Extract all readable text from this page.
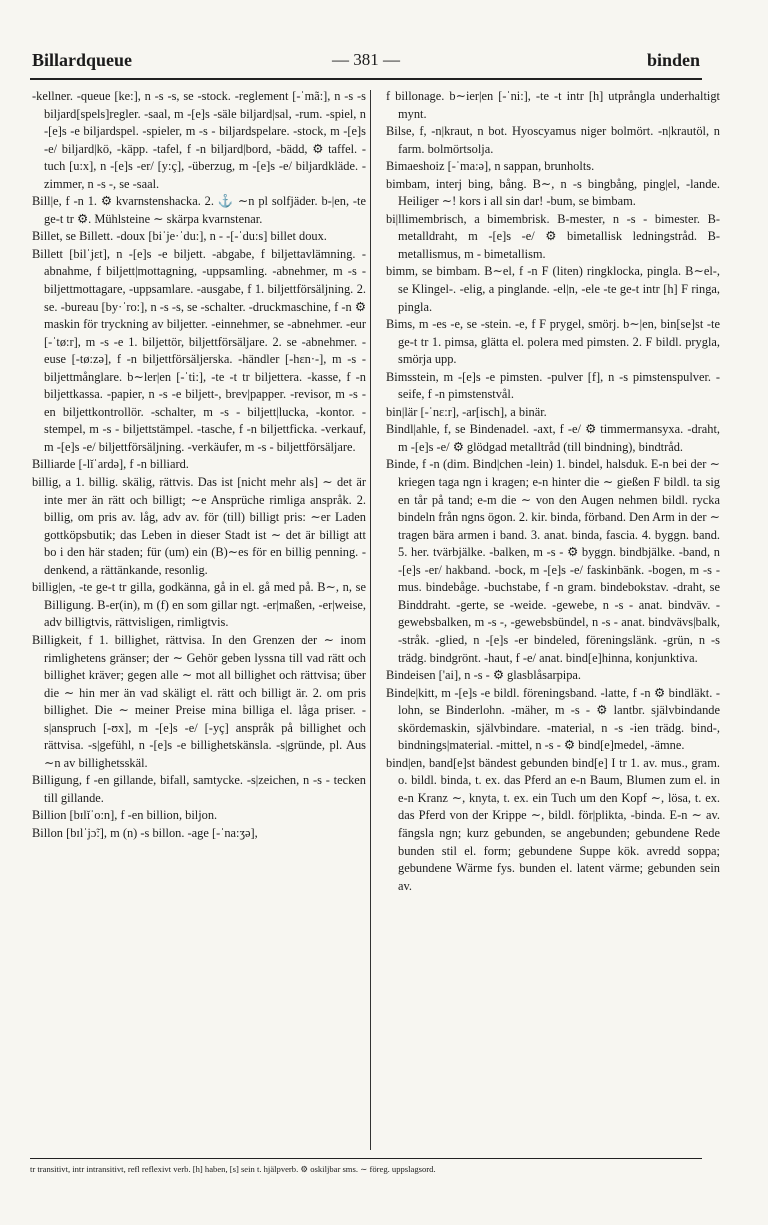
Billardqueue	— 381 —	binden

-kellner. -queue [ke:], n -s -s, se -stock. -reglement [-ˈmã:], n -s -s biljard[spels]regler. -saal, m -[e]s -säle biljard|sal, -rum. -spiel, n -[e]s -e biljardspel. -spieler, m -s - biljardspelare. -stock, m -[e]s -e/ biljard|kö, -käpp. -tafel, f -n biljard|bord, -bädd, ⚙ taffel. -tuch [u:x], n -[e]s -er/ [y:ç], -überzug, m -[e]s -e/ biljardkläde. -zimmer, n -s -, se -saal.

Bill|e, f -n 1. ⚙ kvarnstenshacka. 2. ⚓ ∼n pl solfjäder. b-|en, -te ge-t tr ⚙. Mühlsteine ∼ skärpa kvarnstenar.

Billet, se Billett. -doux [biˈje·ˈdu:], n - -[-ˈdu:s] billet doux.

Billett [bilˈjɛt], n -[e]s -e biljett. -abgabe, f biljettavlämning. -abnahme, f biljett|mottagning, -uppsamling. -abnehmer, m -s - biljettmottagare, -uppsamlare. -ausgabe, f 1. biljettförsäljning. 2. se. -bureau [by·ˈro:], n -s -s, se -schalter. -druckmaschine, f -n ⚙ maskin för tryckning av biljetter. -einnehmer, se -abnehmer. -eur [-ˈtø:r], m -s -e 1. biljettör, biljettförsäljare. 2. se -abnehmer. -euse [-tø:zə], f -n biljettförsäljerska. -händler [-hɛn·-], m -s - biljettmånglare. b∼ler|en [-ˈti:], -te -t tr biljettera. -kasse, f -n biljettkassa. -papier, n -s -e biljett-, brev|papper. -revisor, m -s -en biljettkontrollör. -schalter, m -s - biljett|lucka, -kontor. -stempel, m -s - biljettstämpel. -tasche, f -n biljettficka. -verkauf, m -[e]s -e/ biljettförsäljning. -verkäufer, m -s - biljettförsäljare.

Billiarde [-lǐˈardə], f -n billiard.

billig, a 1. billig. skälig, rättvis. Das ist [nicht mehr als] ∼ det är inte mer än rätt och billigt; ∼e Ansprüche rimliga anspråk. 2. billig, om pris av. låg, adv av. för (till) billigt pris: ∼er Laden gottköpsbutik; das Leben in dieser Stadt ist ∼ det är billigt att bo i den här staden; für (um) ein (B)∼es för en billig penning. -denkend, a rättänkande, resonlig.

billig|en, -te ge-t tr gilla, godkänna, gå in el. gå med på. B∼, n, se Billigung. B-er(in), m (f) en som gillar ngt. -er|maßen, -er|weise, adv billigtvis, rättvisligen, rimligtvis.

Billigkeit, f 1. billighet, rättvisa. In den Grenzen der ∼ inom rimlighetens gränser; der ∼ Gehör geben lyssna till vad rätt och billighet kräver; gegen alle ∼ mot all billighet och rättvisa; über die ∼ hin mer än vad skäligt el. rätt och billigt är. 2. om pris billighet. Die ∼ meiner Preise mina billiga el. låga priser. -s|anspruch [-ʊx], m -[e]s -e/ [-yç] anspråk på billighet och rättvisa. -s|gefühl, n -[e]s -e billighetskänsla. -s|gründe, pl. Aus ∼n av billighetsskäl.

Billigung, f -en gillande, bifall, samtycke. -s|zeichen, n -s - tecken till gillande.

Billion [bɪlǐˈo:n], f -en billion, biljon.

Billon [bɪlˈjɔ̃:], m (n) -s billon. -age [-ˈna:ʒə],

f billonage. b∼ier|en [-ˈni:], -te -t intr [h] utprångla underhaltigt mynt.

Bilse, f, -n|kraut, n bot. Hyoscyamus niger bolmört. -n|krautöl, n farm. bolmörtsolja.

Bimaeshoiz [-ˈma:ə], n sappan, brunholts.

bimbam, interj bing, bång. B∼, n -s bingbång, ping|el, -lande. Heiliger ∼! kors i all sin dar! -bum, se bimbam.

bi|llimembrisch, a bimembrisk. B-mester, n -s - bimester. B-metalldraht, m -[e]s -e/ ⚙ bimetallisk ledningstråd. B-metallismus, m - bimetallism.

bimm, se bimbam. B∼el, f -n F (liten) ringklocka, pingla. B∼el-, se Klingel-. -elig, a pinglande. -el|n, -ele -te ge-t intr [h] F ringa, pingla.

Bims, m -es -e, se -stein. -e, f F prygel, smörj. b∼|en, bin[se]st -te ge-t tr 1. pimsa, glätta el. polera med pimsten. 2. F bildl. prygla, smörja upp.

Bimsstein, m -[e]s -e pimsten. -pulver [f], n -s pimstenspulver. -seife, f -n pimstenstvål.

bin|lär [-ˈnɛ:r], -ar[isch], a binär.

Bindl|ahle, f, se Bindenadel. -axt, f -e/ ⚙ timmermansyxa. -draht, m -[e]s -e/ ⚙ glödgad metalltråd (till bindning), bindtråd.

Binde, f -n (dim. Bind|chen -lein) 1. bindel, halsduk. E-n bei der ∼ kriegen taga ngn i kragen; e-n hinter die ∼ gießen F bildl. ta sig en tår på tand; e-m die ∼ von den Augen nehmen bildl. rycka bindeln från ngns ögon. 2. kir. binda, förband. Den Arm in der ∼ tragen bära armen i band. 3. anat. binda, fascia. 4. byggn. band. 5. her. tvärbjälke. -balken, m -s - ⚙ byggn. bindbjälke. -band, n -[e]s -er/ hakband. -bock, m -[e]s -e/ faskinbänk. -bogen, m -s - mus. bindebåge. -buchstabe, f -n gram. bindebokstav. -draht, se Binddraht. -gerte, se -weide. -gewebe, n -s - anat. bindväv. -gewebsbalken, m -s -, -gewebsbündel, n -s - anat. bindvävs|balk, -stråk. -glied, n -[e]s -er bindeled, föreningslänk. -grün, n -s trädg. bindgrönt. -haut, f -e/ anat. bind[e]hinna, konjunktiva.

Bindeisen ['ai], n -s - ⚙ glasblåsarpipa.

Binde|kitt, m -[e]s -e bildl. föreningsband. -latte, f -n ⚙ bindläkt. -lohn, se Binderlohn. -mäher, m -s - ⚙ lantbr. självbindande skördemaskin, självbindare. -material, n -s -ien trädg. bind-, bindnings|material. -mittel, n -s - ⚙ bind[e]medel, -ämne.

bind|en, band[e]st bändest gebunden bind[e] I tr 1. av. mus., gram. o. bildl. binda, t. ex. das Pferd an e-n Baum, Blumen zum el. in e-n Kranz ∼, knyta, t. ex. ein Tuch um den Kopf ∼, lösa, t. ex. das Pferd von der Krippe ∼, bildl. för|plikta, -binda. E-n ∼ av. fängsla ngn; kurz gebunden, se angebunden; gebundene Rede bunden stil el. form; gebundene Suppe kök. avredd soppa; gebundene Wärme fys. bunden el. latent värme; gebunden sein av.

tr transitivt, intr intransitivt, refl reflexivt verb. [h] haben, [s] sein t. hjälpverb. ⚙ oskiljbar sms. ∼ föreg. uppslagsord.
